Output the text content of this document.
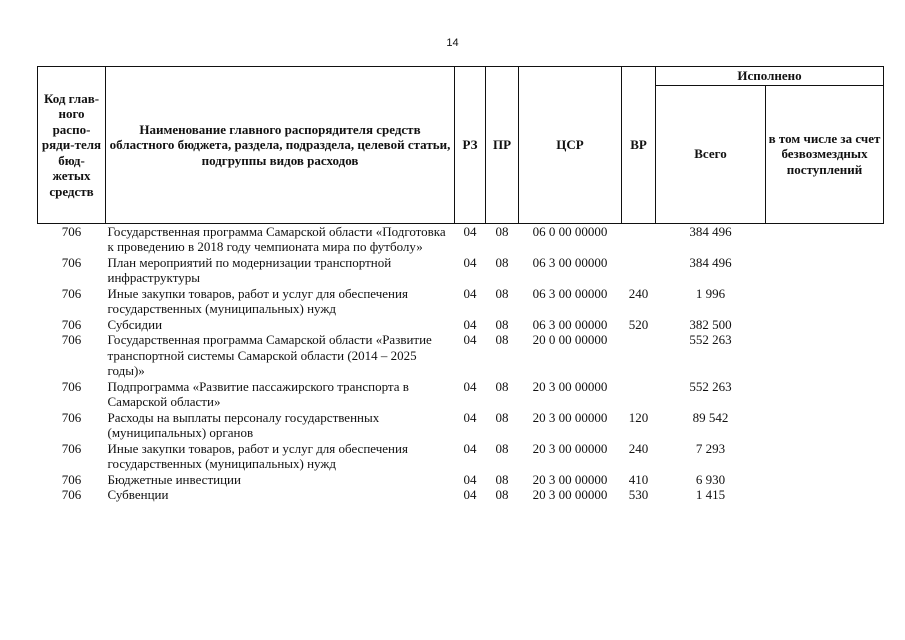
14
Код глав-ного распо-ряди-теля бюд-жетых средств	Наименование главного распорядителя средств областного бюджета, раздела, подраздела, целевой статьи, подгруппы видов расходов	РЗ	ПР	ЦСР	ВР	Исполнено	
						Всего	в том числе за счет безвозмездных поступлений
706	Государственная программа Самарской области «Подготовка к проведению в 2018 году чемпионата мира по футболу»	04	08	06 0 00 00000		384 496	
706	План мероприятий по модернизации транспортной инфраструктуры	04	08	06 3 00 00000		384 496	
706	Иные закупки товаров, работ и услуг для обеспечения государственных (муниципальных) нужд	04	08	06 3 00 00000	240	1 996	
706	Субсидии	04	08	06 3 00 00000	520	382 500	
706	Государственная программа Самарской области «Развитие транспортной системы Самарской области (2014 – 2025 годы)»	04	08	20 0 00 00000		552 263	
706	Подпрограмма «Развитие пассажирского транспорта в Самарской области»	04	08	20 3 00 00000		552 263	
706	Расходы на выплаты персоналу государственных (муниципальных) органов	04	08	20 3 00 00000	120	89 542	
706	Иные закупки товаров, работ и услуг для обеспечения государственных (муниципальных) нужд	04	08	20 3 00 00000	240	7 293	
706	Бюджетные инвестиции	04	08	20 3 00 00000	410	6 930	
706	Субвенции	04	08	20 3 00 00000	530	1 415	
